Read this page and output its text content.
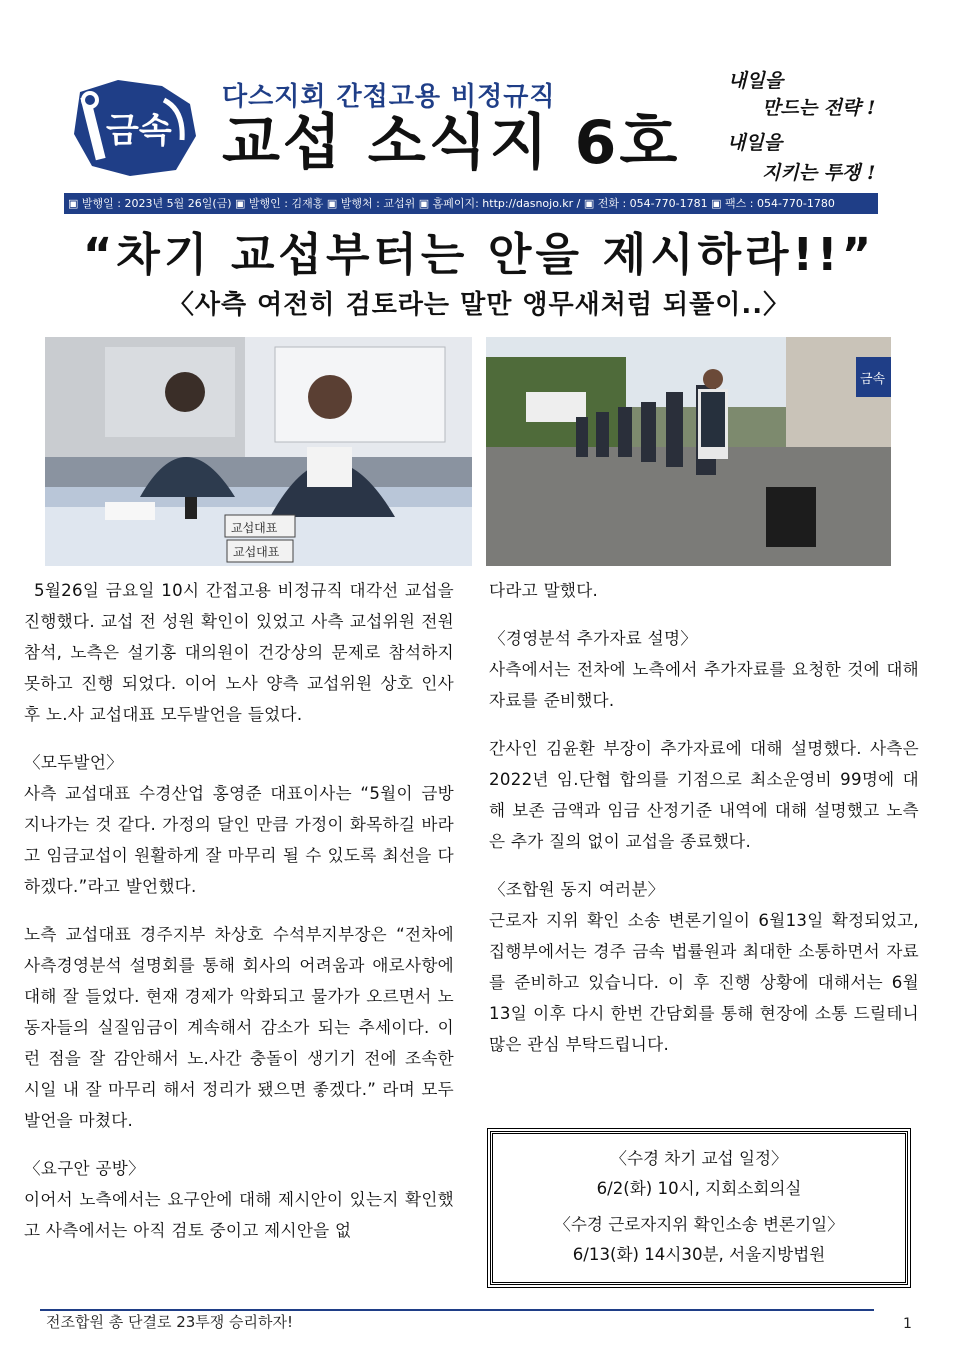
금속
다스지회 간접고용 비정규직
교섭 소식지 6호
내일을
만드는 전략 !
내일을
지키는 투쟁 !
▣ 발행일 : 2023년 5월 26일(금) ▣ 발행인 : 김재홍 ▣ 발행처 : 교섭위 ▣ 홈페이지: http://dasnojo.kr / ▣ 전화 : 054-770-1781 ▣ 팩스 : 054-770-1780
“차기 교섭부터는 안을 제시하라!!”
〈사측 여전히 검토라는 말만 앵무새처럼 되풀이..〉
교섭대표
교섭대표
금속

5월26일 금요일 10시 간접고용 비정규직 대각선 교섭을 진행했다. 교섭 전 성원 확인이 있었고 사측 교섭위원 전원 참석, 노측은 설기홍 대의원이 건강상의 문제로 참석하지 못하고 진행 되었다. 이어 노사 양측 교섭위원 상호 인사 후 노.사 교섭대표 모두발언을 들었다.

〈모두발언〉
사측 교섭대표 수경산업 홍영준 대표이사는 “5월이 금방 지나가는 것 같다. 가정의 달인 만큼 가정이 화목하길 바라고 임금교섭이 원활하게 잘 마무리 될 수 있도록 최선을 다하겠다.”라고 발언했다.

노측 교섭대표 경주지부 차상호 수석부지부장은 “전차에 사측경영분석 설명회를 통해 회사의 어려움과 애로사항에 대해 잘 들었다. 현재 경제가 악화되고 물가가 오르면서 노동자들의 실질임금이 계속해서 감소가 되는 추세이다. 이런 점을 잘 감안해서 노.사간 충돌이 생기기 전에 조속한 시일 내 잘 마무리 해서 정리가 됐으면 좋겠다.” 라며 모두발언을 마쳤다.

〈요구안 공방〉
이어서 노측에서는 요구안에 대해 제시안이 있는지 확인했고 사측에서는 아직 검토 중이고 제시안을 없

다라고 말했다.

〈경영분석 추가자료 설명〉
사측에서는 전차에 노측에서 추가자료를 요청한 것에 대해 자료를 준비했다.

간사인 김윤환 부장이 추가자료에 대해 설명했다. 사측은 2022년 임.단협 합의를 기점으로 최소운영비 99명에 대해 보존 금액과 임금 산정기준 내역에 대해 설명했고 노측은 추가 질의 없이 교섭을 종료했다.

〈조합원 동지 여러분〉
근로자 지위 확인 소송 변론기일이 6월13일 확정되었고, 집행부에서는 경주 금속 법률원과 최대한 소통하면서 자료를 준비하고 있습니다. 이 후 진행 상황에 대해서는 6월 13일 이후 다시 한번 간담회를 통해 현장에 소통 드릴테니 많은 관심 부탁드립니다.

〈수경 차기 교섭 일정〉
6/2(화) 10시, 지회소회의실
〈수경 근로자지위 확인소송 변론기일〉
6/13(화) 14시30분, 서울지방법원
전조합원 총 단결로 23투쟁 승리하자!	1
